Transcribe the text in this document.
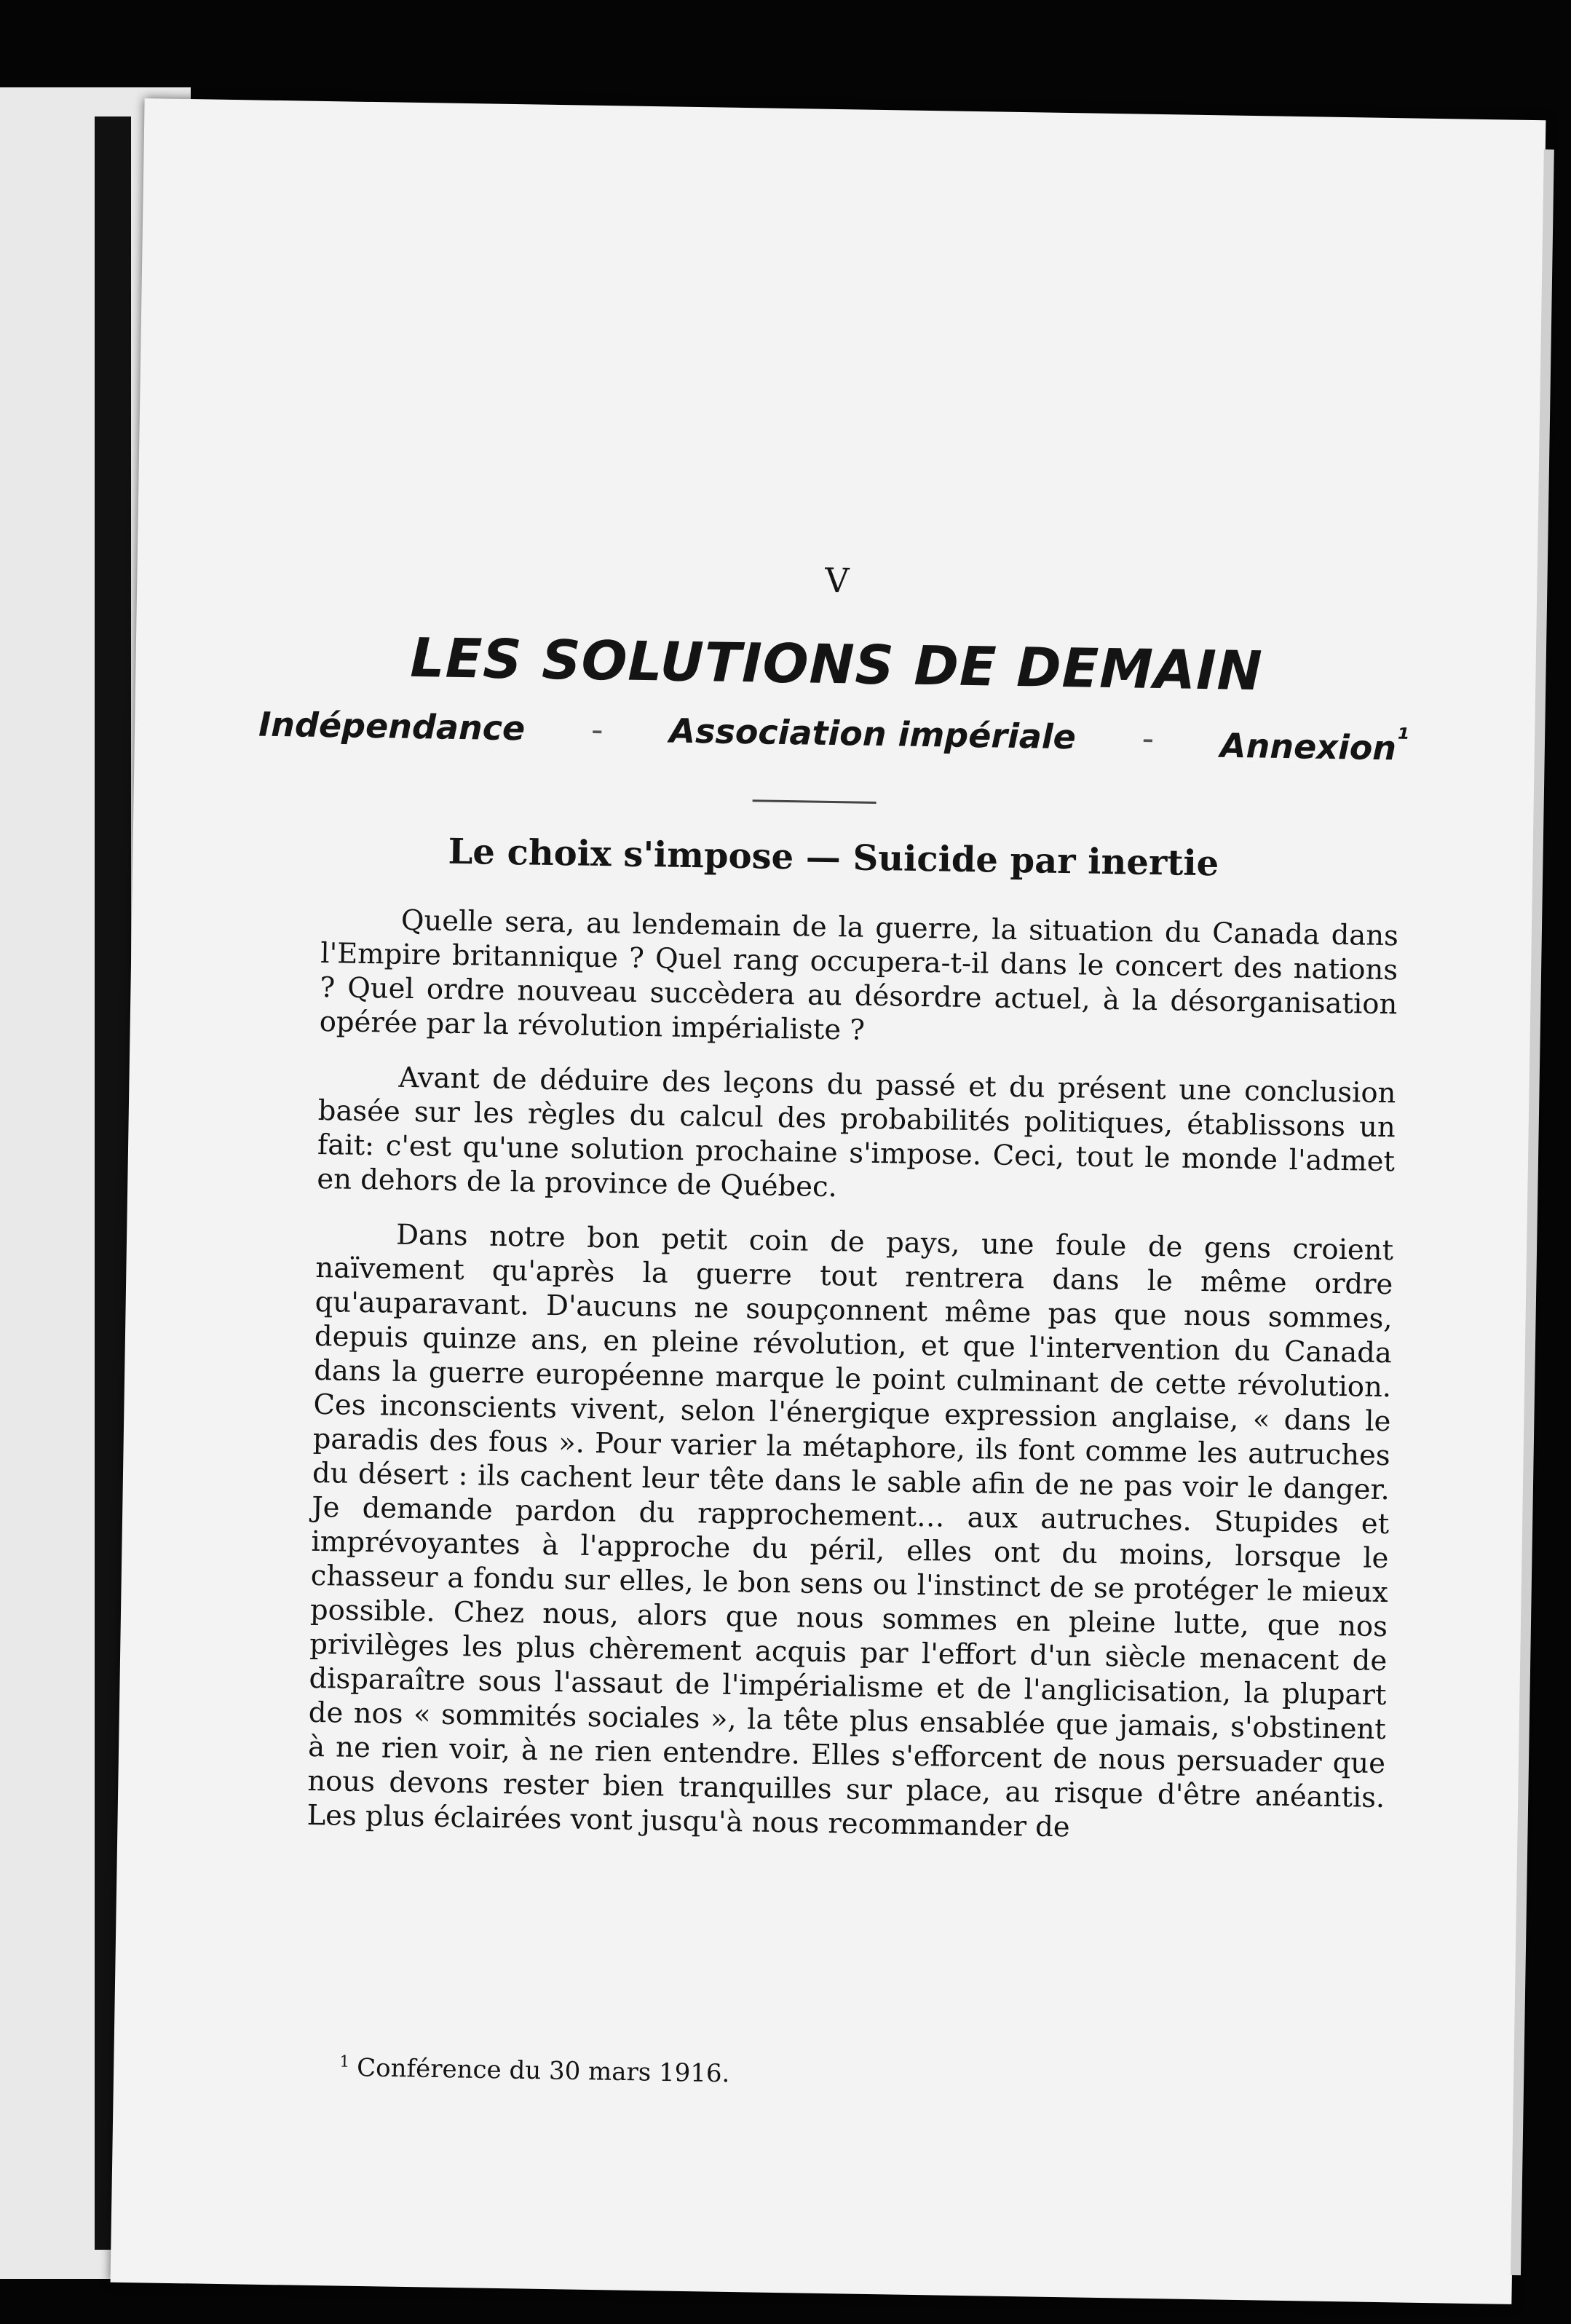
V
LES SOLUTIONS DE DEMAIN
Indépendance - Association impériale - Annexion$^{^1}$
Le choix s'impose — Suicide par inertie

Quelle sera, au lendemain de la guerre, la situation du Canada dans l'Empire britannique ? Quel rang occupera-t-il dans le concert des nations ? Quel ordre nouveau succèdera au désordre actuel, à la désorganisation opérée par la révolution impérialiste ?

Avant de déduire des leçons du passé et du présent une conclusion basée sur les règles du calcul des probabilités politiques, établissons un fait: c'est qu'une solution prochaine s'impose. Ceci, tout le monde l'admet en dehors de la province de Québec.

Dans notre bon petit coin de pays, une foule de gens croient naïvement qu'après la guerre tout rentrera dans le même ordre qu'auparavant. D'aucuns ne soupçonnent même pas que nous sommes, depuis quinze ans, en pleine révolution, et que l'intervention du Canada dans la guerre européenne marque le point culminant de cette révolution. Ces inconscients vivent, selon l'énergique expression anglaise, « dans le paradis des fous ». Pour varier la métaphore, ils font comme les autruches du désert : ils cachent leur tête dans le sable afin de ne pas voir le danger. Je demande pardon du rapprochement… aux autruches. Stupides et imprévoyantes à l'approche du péril, elles ont du moins, lorsque le chasseur a fondu sur elles, le bon sens ou l'instinct de se protéger le mieux possible. Chez nous, alors que nous sommes en pleine lutte, que nos privilèges les plus chèrement acquis par l'effort d'un siècle menacent de disparaître sous l'assaut de l'impérialisme et de l'anglicisation, la plupart de nos « sommités sociales », la tête plus ensablée que jamais, s'obstinent à ne rien voir, à ne rien entendre. Elles s'efforcent de nous persuader que nous devons rester bien tranquilles sur place, au risque d'être anéantis. Les plus éclairées vont jusqu'à nous recommander de

$^1$ Conférence du 30 mars 1916.
